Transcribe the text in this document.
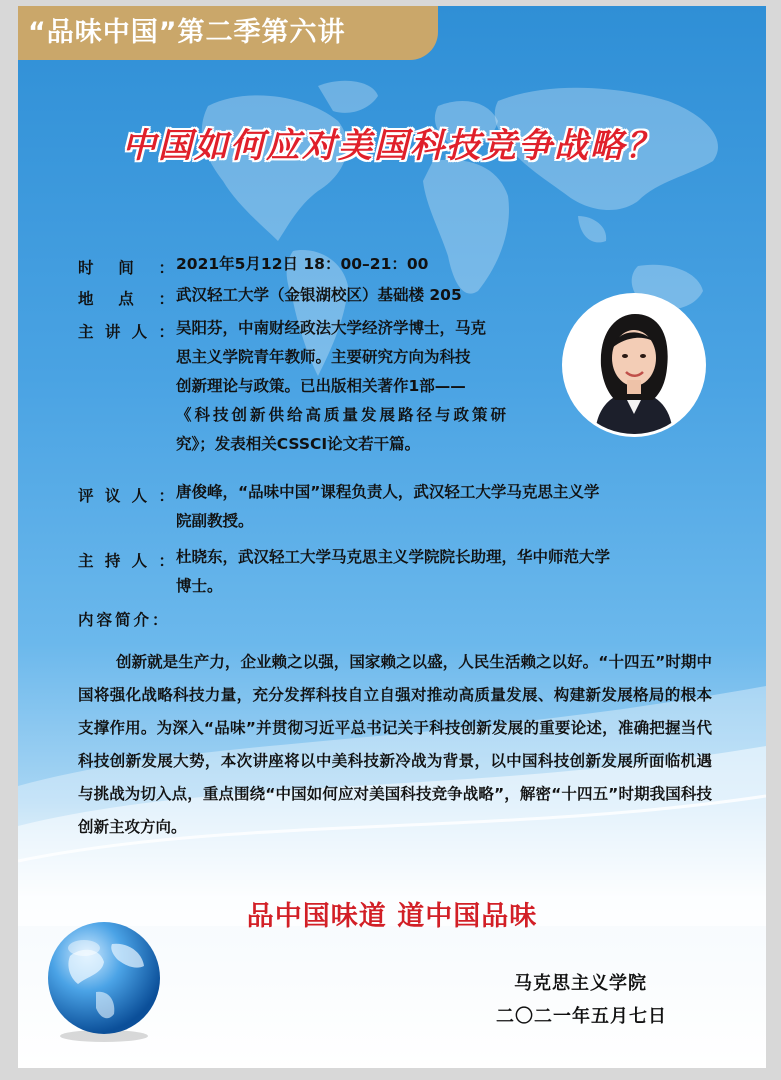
“品味中国”第二季第六讲
中国如何应对美国科技竞争战略？
时间： 2021年5月12日 18：00–21：00
地点： 武汉轻工大学（金银湖校区）基础楼 205
主讲人： 吴阳芬，中南财经政法大学经济学博士，马克
思主义学院青年教师。主要研究方向为科技
创新理论与政策。已出版相关著作1部——
《科技创新供给高质量发展路径与政策研
究》；发表相关CSSCI论文若干篇。
评议人： 唐俊峰，“品味中国”课程负责人，武汉轻工大学马克思主义学
院副教授。
主持人： 杜晓东，武汉轻工大学马克思主义学院院长助理，华中师范大学
博士。
内容简介：
创新就是生产力，企业赖之以强，国家赖之以盛，人民生活赖之以好。“十四五”时期中国将强化战略科技力量，充分发挥科技自立自强对推动高质量发展、构建新发展格局的根本支撑作用。为深入“品味”并贯彻习近平总书记关于科技创新发展的重要论述，准确把握当代科技创新发展大势，本次讲座将以中美科技新冷战为背景，以中国科技创新发展所面临机遇与挑战为切入点，重点围绕“中国如何应对美国科技竞争战略”，解密“十四五”时期我国科技创新主攻方向。
品中国味道 道中国品味
马克思主义学院
二〇二一年五月七日
